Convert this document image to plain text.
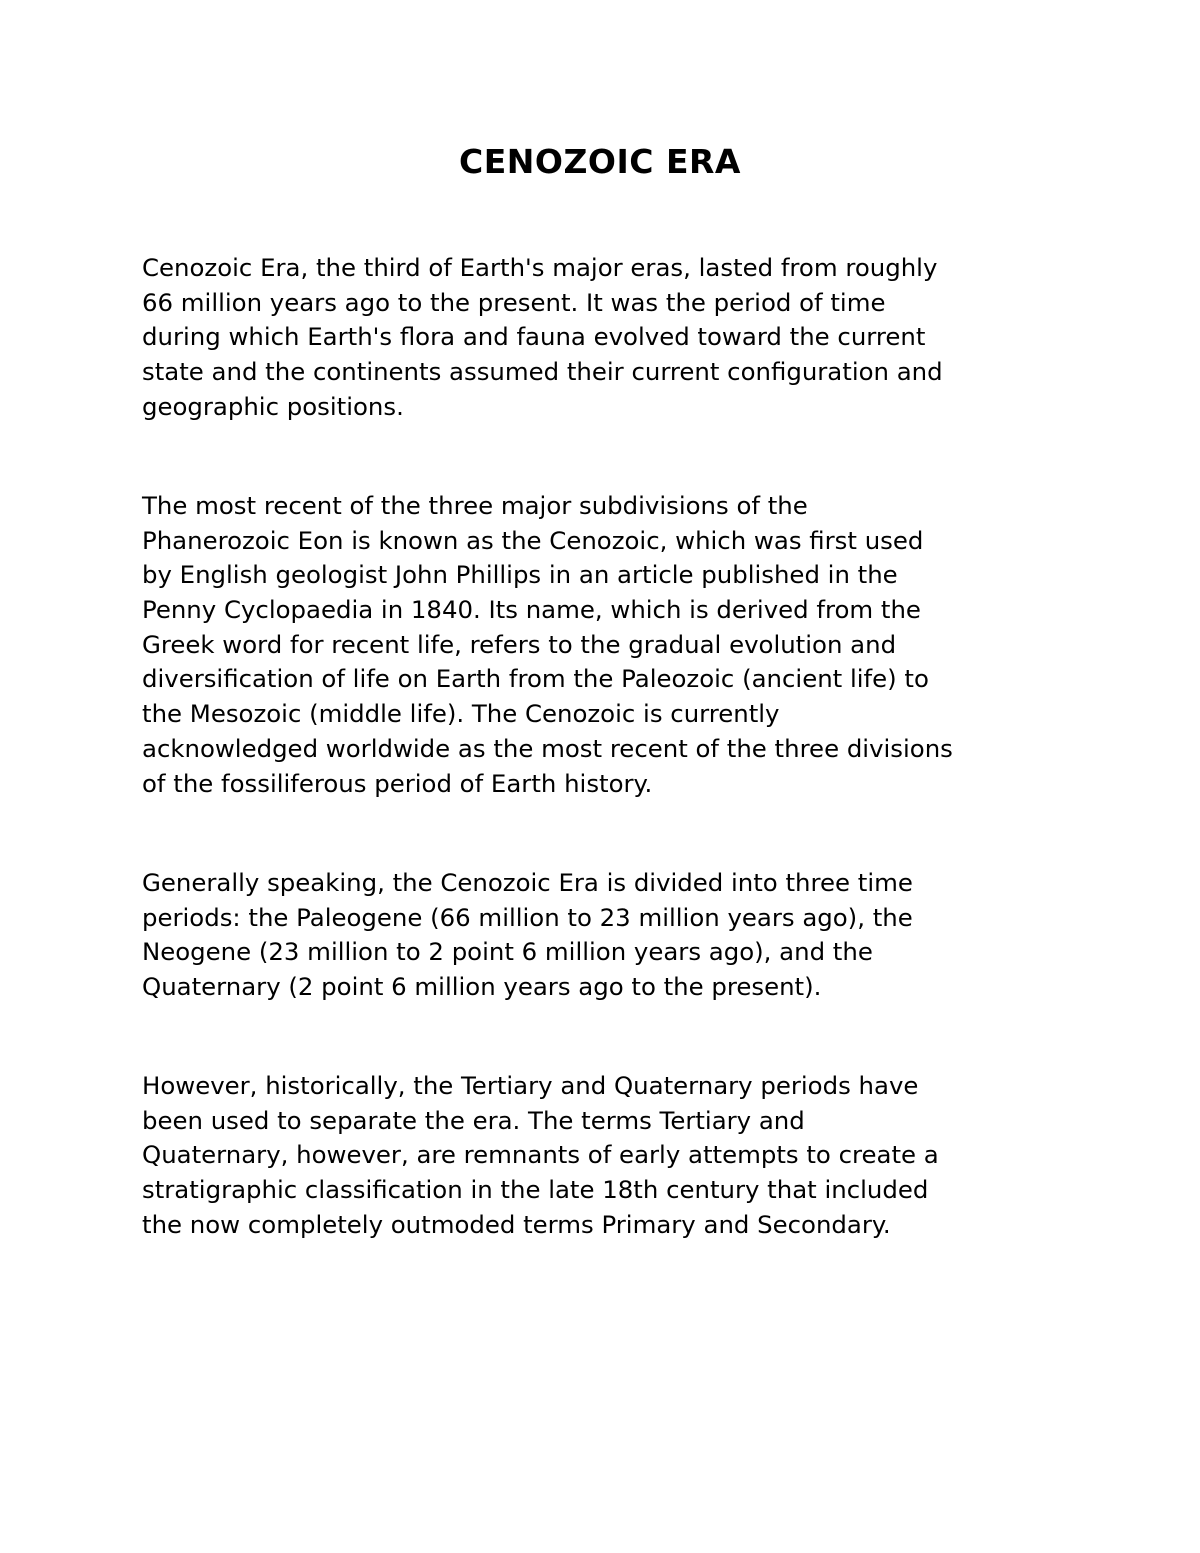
CENOZOIC ERA

Cenozoic Era, the third of Earth's major eras, lasted from roughly
66 million years ago to the present. It was the period of time
during which Earth's flora and fauna evolved toward the current
state and the continents assumed their current configuration and
geographic positions.

The most recent of the three major subdivisions of the
Phanerozoic Eon is known as the Cenozoic, which was first used
by English geologist John Phillips in an article published in the
Penny Cyclopaedia in 1840. Its name, which is derived from the
Greek word for recent life, refers to the gradual evolution and
diversification of life on Earth from the Paleozoic (ancient life) to
the Mesozoic (middle life). The Cenozoic is currently
acknowledged worldwide as the most recent of the three divisions
of the fossiliferous period of Earth history.

Generally speaking, the Cenozoic Era is divided into three time
periods: the Paleogene (66 million to 23 million years ago), the
Neogene (23 million to 2 point 6 million years ago), and the
Quaternary (2 point 6 million years ago to the present).

However, historically, the Tertiary and Quaternary periods have
been used to separate the era. The terms Tertiary and
Quaternary, however, are remnants of early attempts to create a
stratigraphic classification in the late 18th century that included
the now completely outmoded terms Primary and Secondary.
